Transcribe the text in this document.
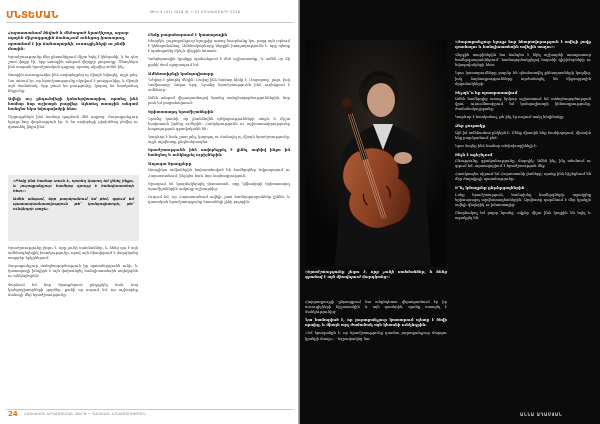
ՄՆՏԵՄԱՆ	ԹԻՎ 4 (41) 2018 Թ. • 31 ՀՈԿՏԵՄԲԵՐԻ 2018

Հայաստանում ծնված և մեծացած երաժիշտը, այսօր արդեն միջազգային ճանաչում ունեցող կատարող, պատմում է իր ճանապարհի, ուսուցիչների ու բեմի մասին:

Երաժշտությունը մեր ընտանիքում միշտ եղել է կենդանի, և ես դեռ շատ փոքր էի, երբ առաջին անգամ վերցրի ջութակը: Ծնողներս ինձ տարան երաժշտական դպրոց, որտեղ սկսվեց ամեն ինչ:

Առաջին ուսուցչուհիս ինձ սովորեցրեց ոչ միայն նվագել, այլև լսել: Նա ասում էր, որ երաժշտությունը սկսվում է լռությունից, և միայն այն ժամանակ, երբ լսում ես լռությունը, կարող ես հասկանալ հնչյունը:

Ավելի ուշ ընդունվեցի կոնսերվատորիա, որտեղ ինձ համար նոր աշխարհ բացվեց: Այնտեղ առաջին անգամ հանդես եկա նվագախմբի հետ:

Մրցույթներն ինձ համար դարձան մեծ դպրոց: Յուրաքանչյուր ելույթ նոր փորձություն էր, և ես սովորեցի չվախենալ բեմից ու վստահել ինքս ինձ:

«Բեմը ինձ համար տուն է, որտեղ կարող եմ լինել ինքս, և յուրաքանչյուր համերգ զրույց է հանդիսատեսի հետ»:

Ամեն անգամ, երբ բարձրանում եմ բեմ, զգում եմ պատասխանատվություն թե՛ կոմպոզիտորի, թե՛ ունկնդրի առջև:

Երաժշտությունը լեզու է, որը չունի սահմաններ, և հենց դա է այն ամենագեղեցիկ հատկությունը, որով այն միավորում է մարդկանց տարբեր երկրներում:

Յուրաքանչյուր ստեղծագործություն իր պատմությունն ունի, և կատարողի խնդիրն է այն փոխանցել հանդիսատեսին ազնվորեն ու անկեղծորեն:

Փորձում եմ նոր ծրագրերում ընդգրկել նաև հայ կոմպոզիտորների գործեր, քանի որ ուզում եմ, որ աշխարհը ճանաչի մեր երաժշտությունը:

Բեմը բացահայտում է կատարողին

Իհարկե, յուրաքանչյուր ելույթից առաջ հուզմունք կա, բայց այն օգնում է կենտրոնանալ: Ամենակարևորը ներքին խաղաղությունն է, որը պետք է պահպանել մինչև վերջին նոտան:

Կոնցերտային կյանքը պահանջում է մեծ աշխատանք, և ամեն օր մի քանի ժամ պարապում եմ:

Ամենասիրելի կոմպոզիտորը

Դժվար է ընտրել մեկին: Բախը ինձ համար հիմք է, Մոցարտը՝ լույս, իսկ Կոմիտասը՝ հոգու երգ: Նրանց երաժշտությունն ինձ ուղեկցում է ամենուր:

Ամեն անգամ վերադառնալով նրանց ստեղծագործություններին, նոր բան եմ բացահայտում:

Երիտասարդ երաժիշտներին

Նրանց կասեի, որ չհանձնվեն դժվարությունների առջև և միշտ հավատան իրենց ուժերին: Համբերությունն ու աշխատասիրությունը հաջողության գրավականն են:

Կարևոր է նաև շատ լսել, կարդալ ու ճանաչել ոչ միայն երաժշտությունը, այլև արվեստը ընդհանրապես:

Երաժշտությունն ինձ սովորեցրել է լինել ազնիվ ինքս իմ հանդեպ և ունկնդրել ուրիշներին:

Ապագա ծրագրերը

Առաջիկա ամիսներին նախատեսված են համերգներ Եվրոպայում ու Հայաստանում, ինչպես նաև նոր ձայնագրություն:

Երազում եմ կազմակերպել փառատոն, որը կմիավորի երիտասարդ երաժիշտներին ամբողջ աշխարհից:

Ուզում եմ, որ Հայաստանում ավելի շատ համերգասրահներ լինեն, և դասական երաժշտությունը հասանելի լինի բոլորին:

24 ՀԱՅԿԱԿԱՆ ԵՐԱԺՇՏԱԿԱՆ ԹԵՐԹ • ԴԱՍԱԿԱՆ ԵՐԱԺՇՏՈՒԹՅՈՒՆ

«Երաժշտությունը լեզու է, որը չունի սահմաններ, և հենց դրանով է այն միավորում մարդկանց»:

Հարցազրույցի ընթացքում նա անընդհատ վերադառնում էր իր ուսուցիչների հիշատակին և այն դասերին, որոնք ստացել է մանկությունից:

Նա համոզված է, որ յուրաքանչյուր կատարում պետք է ծնվի սրտից, և միայն այդ ժամանակ այն կհասնի ունկնդրին:

«Իմ երազանքն է, որ երաժշտությունը դառնա յուրաքանչյուր մարդու կյանքի մասը», - եզրափակեց նա:

«Յուրաքանչյուր ելույթ նոր հնարավորություն է ավելի լավը դառնալու և հանդիսատեսին ավելին տալու»:

Վերջին տարիներին նա հանդես է եկել աշխարհի առաջատար համերգասրահներում՝ համագործակցելով հայտնի դիրիժորների ու նվագախմբերի հետ:

Նրա կատարումները բարձր են գնահատվել քննադատների կողմից, իսկ ձայնագրությունները արժանացել են միջազգային մրցանակների:

Ինչպե՞ս եք պատրաստվում

Ամեն համերգից առաջ երկար աշխատում եմ ստեղծագործության վրա, ուսումնասիրում եմ կոմպոզիտորի կենսագրությունը, ժամանակաշրջանը:

Կարևոր է հասկանալ, թե ինչ էր ուզում ասել հեղինակը:

Ձեր ջութակը

Այն իմ ամենամոտ ընկերն է: Մենք միասին ենք ճամփորդում, միասին ենք բարձրանում բեմ:

Նրա ձայնը ինձ համար անփոխարինելի է:

Ինչն է ոգեշնչում

Բնությունը, գրականությունը, մարդիկ: Ամեն ինչ, ինչ տեսնում ու զգում եմ, արտացոլվում է երաժշտության մեջ:

Հատկապես սիրում եմ Հայաստանի լեռները, որոնք ինձ հիշեցնում են մեր ժողովրդի պատմությունը:

Ի՞նչ կմաղթեք ընթերցողներին

Լսեք երաժշտություն, հաճախեք համերգների, աջակցեք երիտասարդ արվեստագետներին: Արվեստը դարձնում է մեր կյանքն ավելի գեղեցիկ ու իմաստալից:

Շնորհակալ եմ բոլոր նրանց, ովքեր միշտ ինձ կողքին են եղել և աջակցել են:

ԱՆՆԱ ԱԴԱՄՅԱՆ
